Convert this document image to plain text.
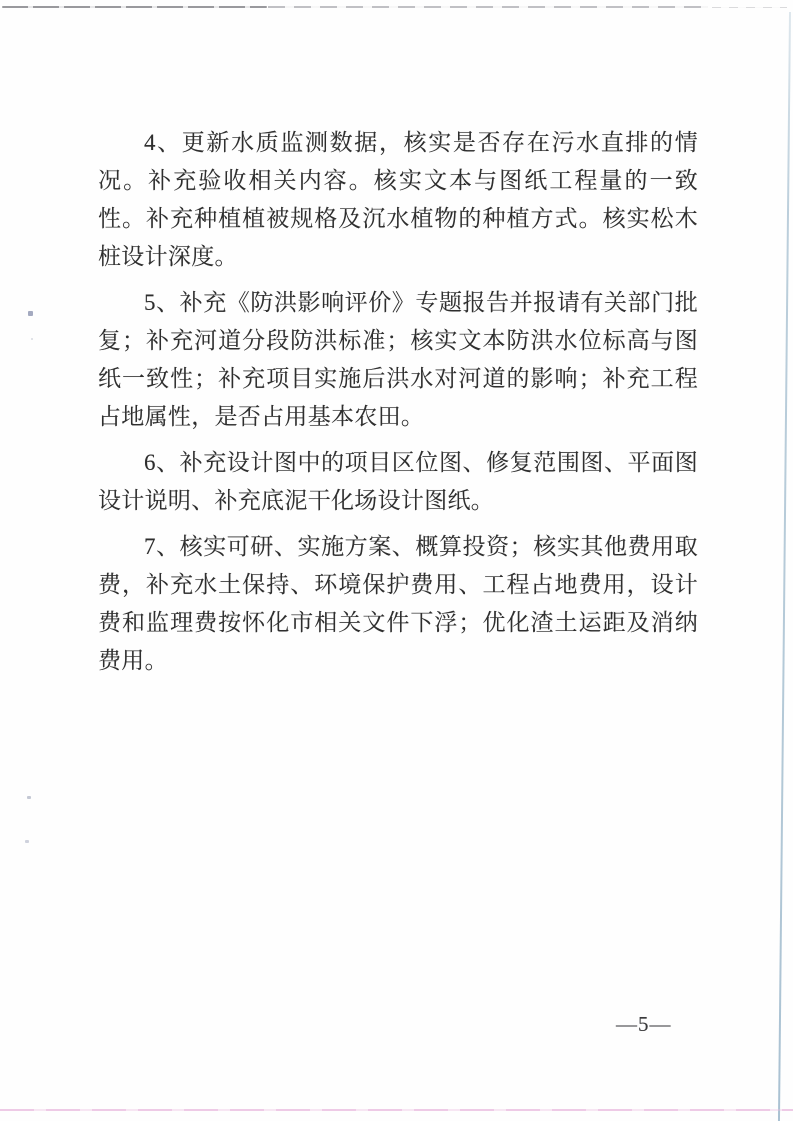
4、更新水质监测数据，核实是否存在污水直排的情况。补充验收相关内容。核实文本与图纸工程量的一致性。补充种植植被规格及沉水植物的种植方式。核实松木桩设计深度。

5、补充《防洪影响评价》专题报告并报请有关部门批复；补充河道分段防洪标准；核实文本防洪水位标高与图纸一致性；补充项目实施后洪水对河道的影响；补充工程占地属性，是否占用基本农田。

6、补充设计图中的项目区位图、修复范围图、平面图设计说明、补充底泥干化场设计图纸。

7、核实可研、实施方案、概算投资；核实其他费用取费，补充水土保持、环境保护费用、工程占地费用，设计费和监理费按怀化市相关文件下浮；优化渣土运距及消纳费用。

—5—
